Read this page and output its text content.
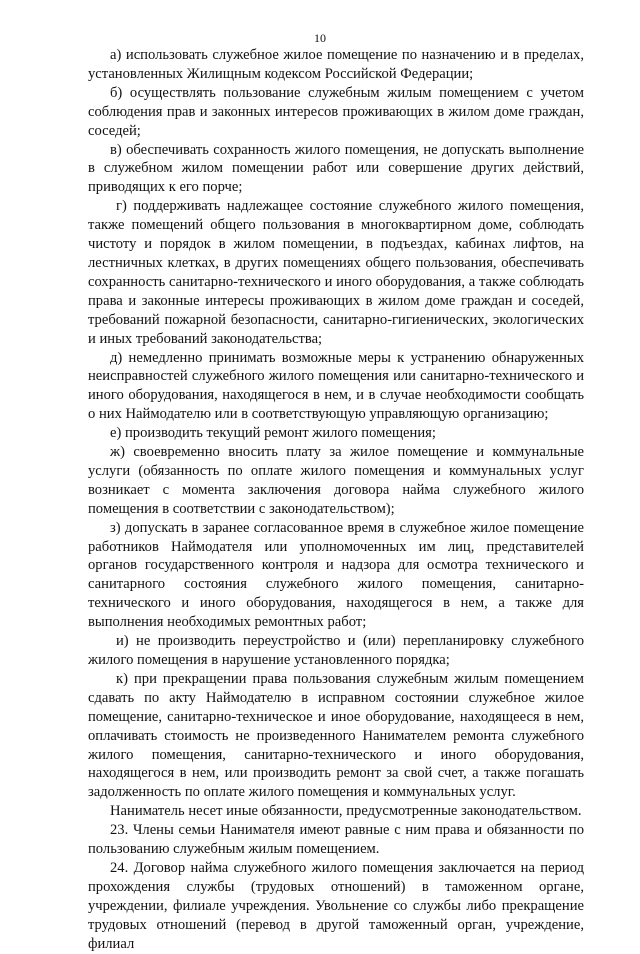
10

а) использовать служебное жилое помещение по назначению и в пределах, установленных Жилищным кодексом Российской Федерации;

б) осуществлять пользование служебным жилым помещением с учетом соблюдения прав и законных интересов проживающих в жилом доме граждан, соседей;

в) обеспечивать сохранность жилого помещения, не допускать выполнение в служебном жилом помещении работ или совершение других действий, приводящих к его порче;

г) поддерживать надлежащее состояние служебного жилого помещения, также помещений общего пользования в многоквартирном доме, соблюдать чистоту и порядок в жилом помещении, в подъездах, кабинах лифтов, на лестничных клетках, в других помещениях общего пользования, обеспечивать сохранность санитарно-технического и иного оборудования, а также соблюдать права и законные интересы проживающих в жилом доме граждан и соседей, требований пожарной безопасности, санитарно-гигиенических, экологических и иных требований законодательства;

д) немедленно принимать возможные меры к устранению обнаруженных неисправностей служебного жилого помещения или санитарно-технического и иного оборудования, находящегося в нем, и в случае необходимости сообщать о них Наймодателю или в соответствующую управляющую организацию;

е) производить текущий ремонт жилого помещения;

ж) своевременно вносить плату за жилое помещение и коммунальные услуги (обязанность по оплате жилого помещения и коммунальных услуг возникает с момента заключения договора найма служебного жилого помещения в соответствии с законодательством);

з) допускать в заранее согласованное время в служебное жилое помещение работников Наймодателя или уполномоченных им лиц, представителей органов государственного контроля и надзора для осмотра технического и санитарного состояния служебного жилого помещения, санитарно-технического и иного оборудования, находящегося в нем, а также для выполнения необходимых ремонтных работ;

и) не производить переустройство и (или) перепланировку служебного жилого помещения в нарушение установленного порядка;

к) при прекращении права пользования служебным жилым помещением сдавать по акту Наймодателю в исправном состоянии служебное жилое помещение, санитарно-техническое и иное оборудование, находящееся в нем, оплачивать стоимость не произведенного Нанимателем ремонта служебного жилого помещения, санитарно-технического и иного оборудования, находящегося в нем, или производить ремонт за свой счет, а также погашать задолженность по оплате жилого помещения и коммунальных услуг.

Наниматель несет иные обязанности, предусмотренные законодательством.

23. Члены семьи Нанимателя имеют равные с ним права и обязанности по пользованию служебным жилым помещением.

24. Договор найма служебного жилого помещения заключается на период прохождения службы (трудовых отношений) в таможенном органе, учреждении, филиале учреждения. Увольнение со службы либо прекращение трудовых отношений (перевод в другой таможенный орган, учреждение, филиал
